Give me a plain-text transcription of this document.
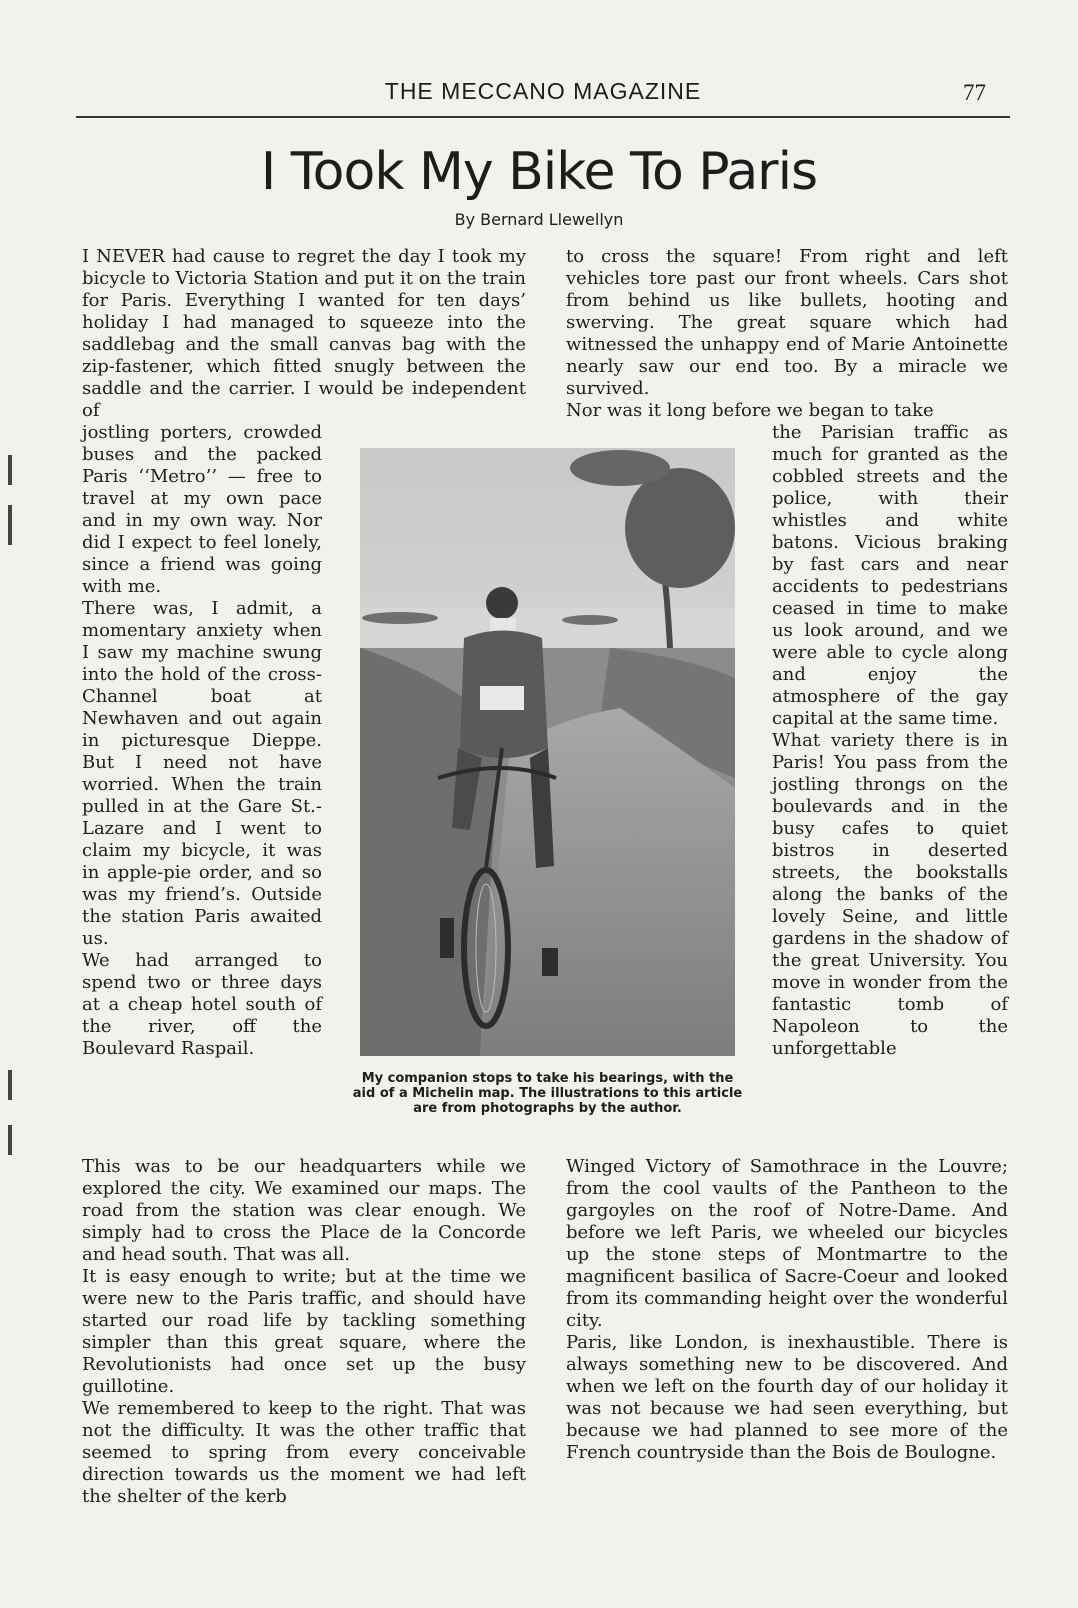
THE MECCANO MAGAZINE	77
I Took My Bike To Paris
By Bernard Llewellyn
I NEVER had cause to regret the day I took my bicycle to Victoria Station and put it on the train for Paris. Everything I wanted for ten days’ holiday I had managed to squeeze into the saddlebag and the small canvas bag with the zip-fastener, which fitted snugly between the saddle and the carrier. I would be independent of
jostling porters, crowded buses and the packed Paris ‘‘Metro’’ — free to travel at my own pace and in my own way. Nor did I expect to feel lonely, since a friend was going with me.
There was, I admit, a momentary anxiety when I saw my machine swung into the hold of the cross-Channel boat at Newhaven and out again in picturesque Dieppe. But I need not have worried. When the train pulled in at the Gare St.-Lazare and I went to claim my bicycle, it was in apple-pie order, and so was my friend’s. Outside the station Paris awaited us.
We had arranged to spend two or three days at a cheap hotel south of the river, off the Boulevard Raspail.
This was to be our headquarters while we explored the city. We examined our maps. The road from the station was clear enough. We simply had to cross the Place de la Concorde and head south. That was all.
It is easy enough to write; but at the time we were new to the Paris traffic, and should have started our road life by tackling something simpler than this great square, where the Revolutionists had once set up the busy guillotine.
We remembered to keep to the right. That was not the difficulty. It was the other traffic that seemed to spring from every conceivable direction towards us the moment we had left the shelter of the kerb
to cross the square! From right and left vehicles tore past our front wheels. Cars shot from behind us like bullets, hooting and swerving. The great square which had witnessed the unhappy end of Marie Antoinette nearly saw our end too. By a miracle we survived.
Nor was it long before we began to take
the Parisian traffic as much for granted as the cobbled streets and the police, with their whistles and white batons. Vicious braking by fast cars and near accidents to pedestrians ceased in time to make us look around, and we were able to cycle along and enjoy the atmosphere of the gay capital at the same time.
What variety there is in Paris! You pass from the jostling throngs on the boulevards and in the busy cafes to quiet bistros in deserted streets, the bookstalls along the banks of the lovely Seine, and little gardens in the shadow of the great University. You move in wonder from the fantastic tomb of Napoleon to the unforgettable
Winged Victory of Samothrace in the Louvre; from the cool vaults of the Pantheon to the gargoyles on the roof of Notre-Dame. And before we left Paris, we wheeled our bicycles up the stone steps of Montmartre to the magnificent basilica of Sacre-Coeur and looked from its commanding height over the wonderful city.
Paris, like London, is inexhaustible. There is always something new to be discovered. And when we left on the fourth day of our holiday it was not because we had seen everything, but because we had planned to see more of the French countryside than the Bois de Boulogne.
My companion stops to take his bearings, with the aid of a Michelin map. The illustrations to this article are from photographs by the author.
